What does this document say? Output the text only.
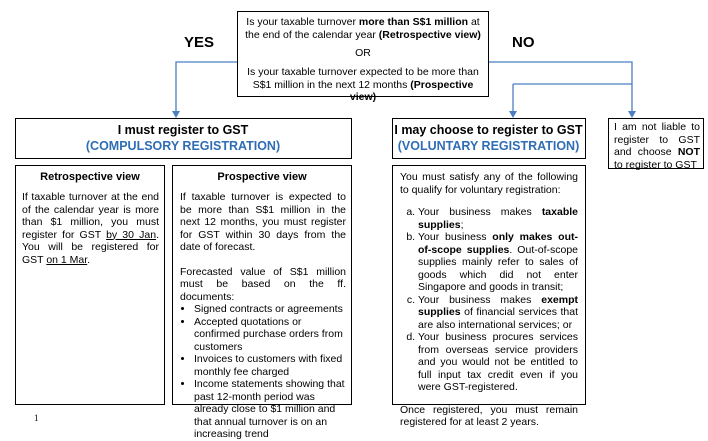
YES	NO
Is your taxable turnover more than S$1 million at the end of the calendar year (Retrospective view)
OR
Is your taxable turnover expected to be more than S$1 million in the next 12 months (Prospective view)
I must register to GST
(COMPULSORY REGISTRATION)
Retrospective view
If taxable turnover at the end of the calendar year is more than $1 million, you must register for GST by 30 Jan. You will be registered for GST on 1 Mar.
Prospective view
If taxable turnover is expected to be more than S$1 million in the next 12 months, you must register for GST within 30 days from the date of forecast.
Forecasted value of S$1 million must be based on the ff. documents:
• Signed contracts or agreements
• Accepted quotations or confirmed purchase orders from customers
• Invoices to customers with fixed monthly fee charged
• Income statements showing that past 12-month period was already close to $1 million and that annual turnover is on an increasing trend
I may choose to register to GST
(VOLUNTARY REGISTRATION)
You must satisfy any of the following to qualify for voluntary registration:
a. Your business makes taxable supplies;
b. Your business only makes out-of-scope supplies. Out-of-scope supplies mainly refer to sales of goods which did not enter Singapore and goods in transit;
c. Your business makes exempt supplies of financial services that are also international services; or
d. Your business procures services from overseas service providers and you would not be entitled to full input tax credit even if you were GST-registered.
Once registered, you must remain registered for at least 2 years.
I am not liable to register to GST and choose NOT to register to GST
1
